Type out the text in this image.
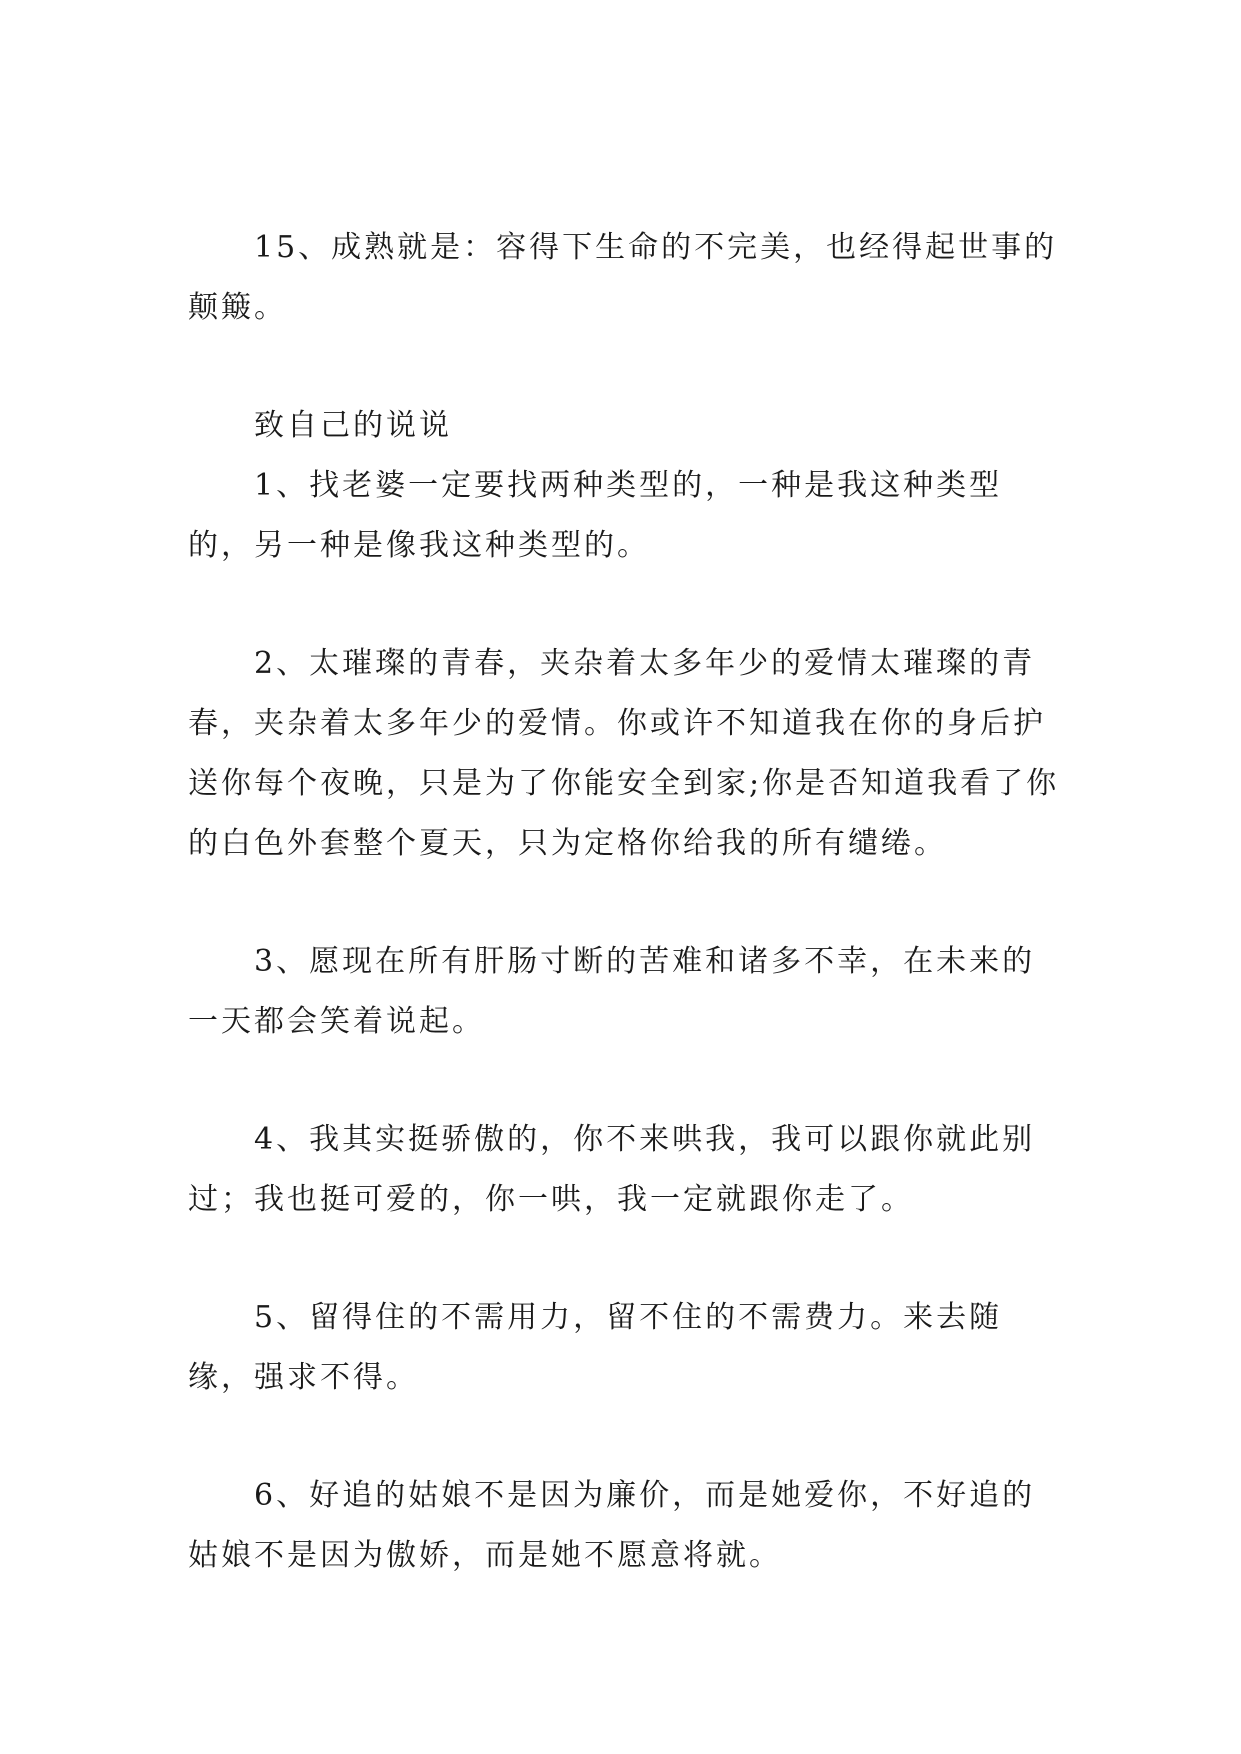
15、成熟就是：容得下生命的不完美，也经得起世事的颠簸。

致自己的说说

1、找老婆一定要找两种类型的，一种是我这种类型的，另一种是像我这种类型的。

2、太璀璨的青春，夹杂着太多年少的爱情太璀璨的青春，夹杂着太多年少的爱情。你或许不知道我在你的身后护送你每个夜晚，只是为了你能安全到家;你是否知道我看了你的白色外套整个夏天，只为定格你给我的所有缱绻。

3、愿现在所有肝肠寸断的苦难和诸多不幸，在未来的一天都会笑着说起。

4、我其实挺骄傲的，你不来哄我，我可以跟你就此别过；我也挺可爱的，你一哄，我一定就跟你走了。

5、留得住的不需用力，留不住的不需费力。来去随缘，强求不得。

6、好追的姑娘不是因为廉价，而是她爱你，不好追的姑娘不是因为傲娇，而是她不愿意将就。
